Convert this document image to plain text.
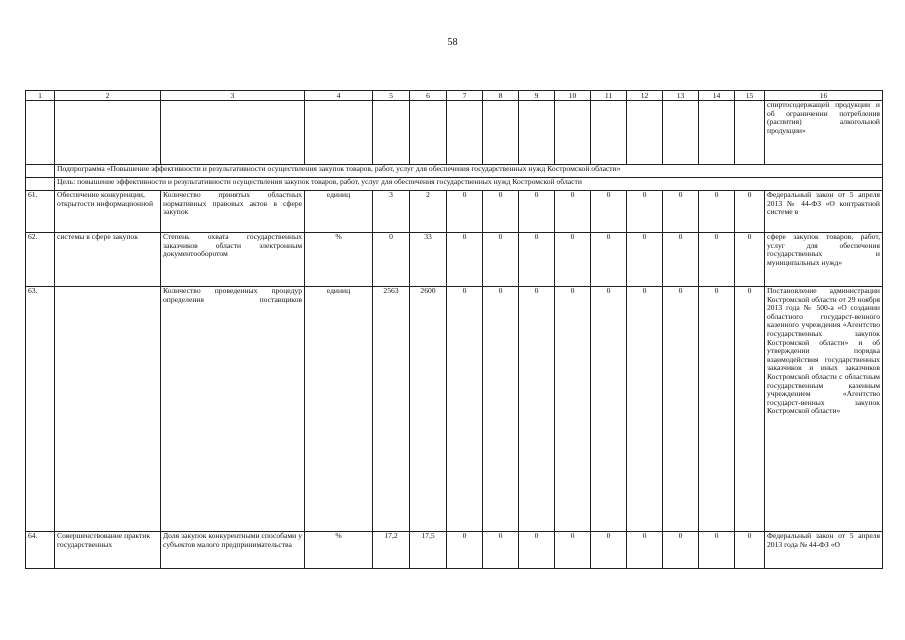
58
1	2	3	4	5	6	7	8	9	10	11	12	13	14	15	16
															спиртосодержащей продукции и об ограничении потребления (распития) алкогольной продукции»
	Подпрограмма «Повышение эффективности и результативности осуществления закупок товаров, работ, услуг для обеспечения государственных нужд Костромской области»														
	Цель: повышение эффективности и результативности осуществления закупок товаров, работ, услуг для обеспечения государственных нужд Костромской области														
61.	Обеспечение конкуренции, открытости информационной	Количество принятых областных нормативных правовых актов в сфере закупок	единиц	3	2	0	0	0	0	0	0	0	0	0	Федеральный закон от 5 апреля 2013 № 44-ФЗ «О контрактной системе в
62.	системы в сфере закупок	Степень охвата государственных заказчиков области электронным документооборотом	%	0	33	0	0	0	0	0	0	0	0	0	сфере закупок товаров, работ, услуг для обеспечения государственных и муниципальных нужд»
63.		Количество проведенных процедур определения поставщиков	единиц	2563	2600	0	0	0	0	0	0	0	0	0	Постановление администрации Костромской области от 29 ноября 2013 года № 500-а «О создании областного государст-венного казенного учреждения «Агентство государственных закупок Костромской области» и об утверждении порядка взаимодействия государственных заказчиков и иных заказчиков Костромской области с областным государственным казенным учреждением «Агентство государст-венных закупок Костромской области»
64.	Совершенствование практик государственных	Доля закупок конкурентными способами у субъектов малого предпринимательства	%	17,2	17,5	0	0	0	0	0	0	0	0	0	Федеральный закон от 5 апреля 2013 года № 44-ФЗ «О
